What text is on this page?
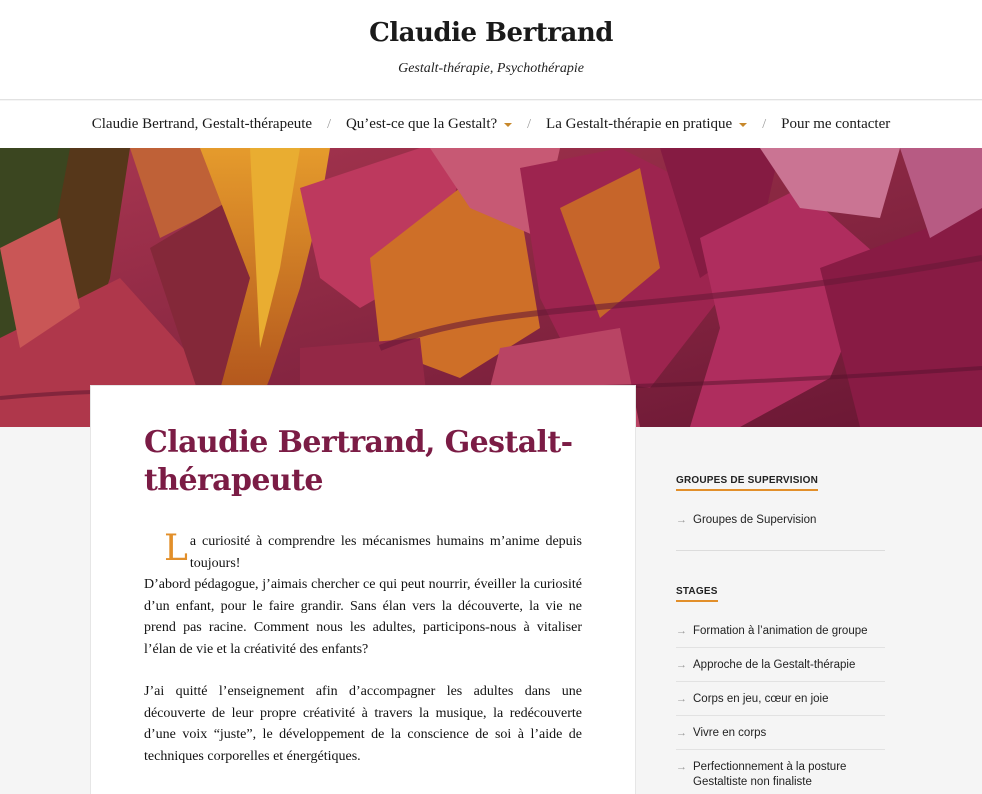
Claudie Bertrand
Gestalt-thérapie, Psychothérapie
Claudie Bertrand, Gestalt-thérapeute / Qu’est-ce que la Gestalt? / La Gestalt-thérapie en pratique / Pour me contacter
Claudie Bertrand, Gestalt-thérapeute

La curiosité à comprendre les mécanismes humains m’anime depuis toujours!
D’abord pédagogue, j’aimais chercher ce qui peut nourrir, éveiller la curiosité d’un enfant, pour le faire grandir. Sans élan vers la découverte, la vie ne prend pas racine. Comment nous les adultes, participons-nous à vitaliser l’élan de vie et la créativité des enfants?

J’ai quitté l’enseignement afin d’accompagner les adultes dans une découverte de leur propre créativité à travers la musique, la redécouverte d’une voix “juste”, le développement de la conscience de soi à l’aide de techniques corporelles et énergétiques.

GROUPES DE SUPERVISION
→ Groupes de Supervision
STAGES
→ Formation à l’animation de groupe
→ Approche de la Gestalt-thérapie
→ Corps en jeu, cœur en joie
→ Vivre en corps
→ Perfectionnement à la posture Gestaltiste non finaliste
